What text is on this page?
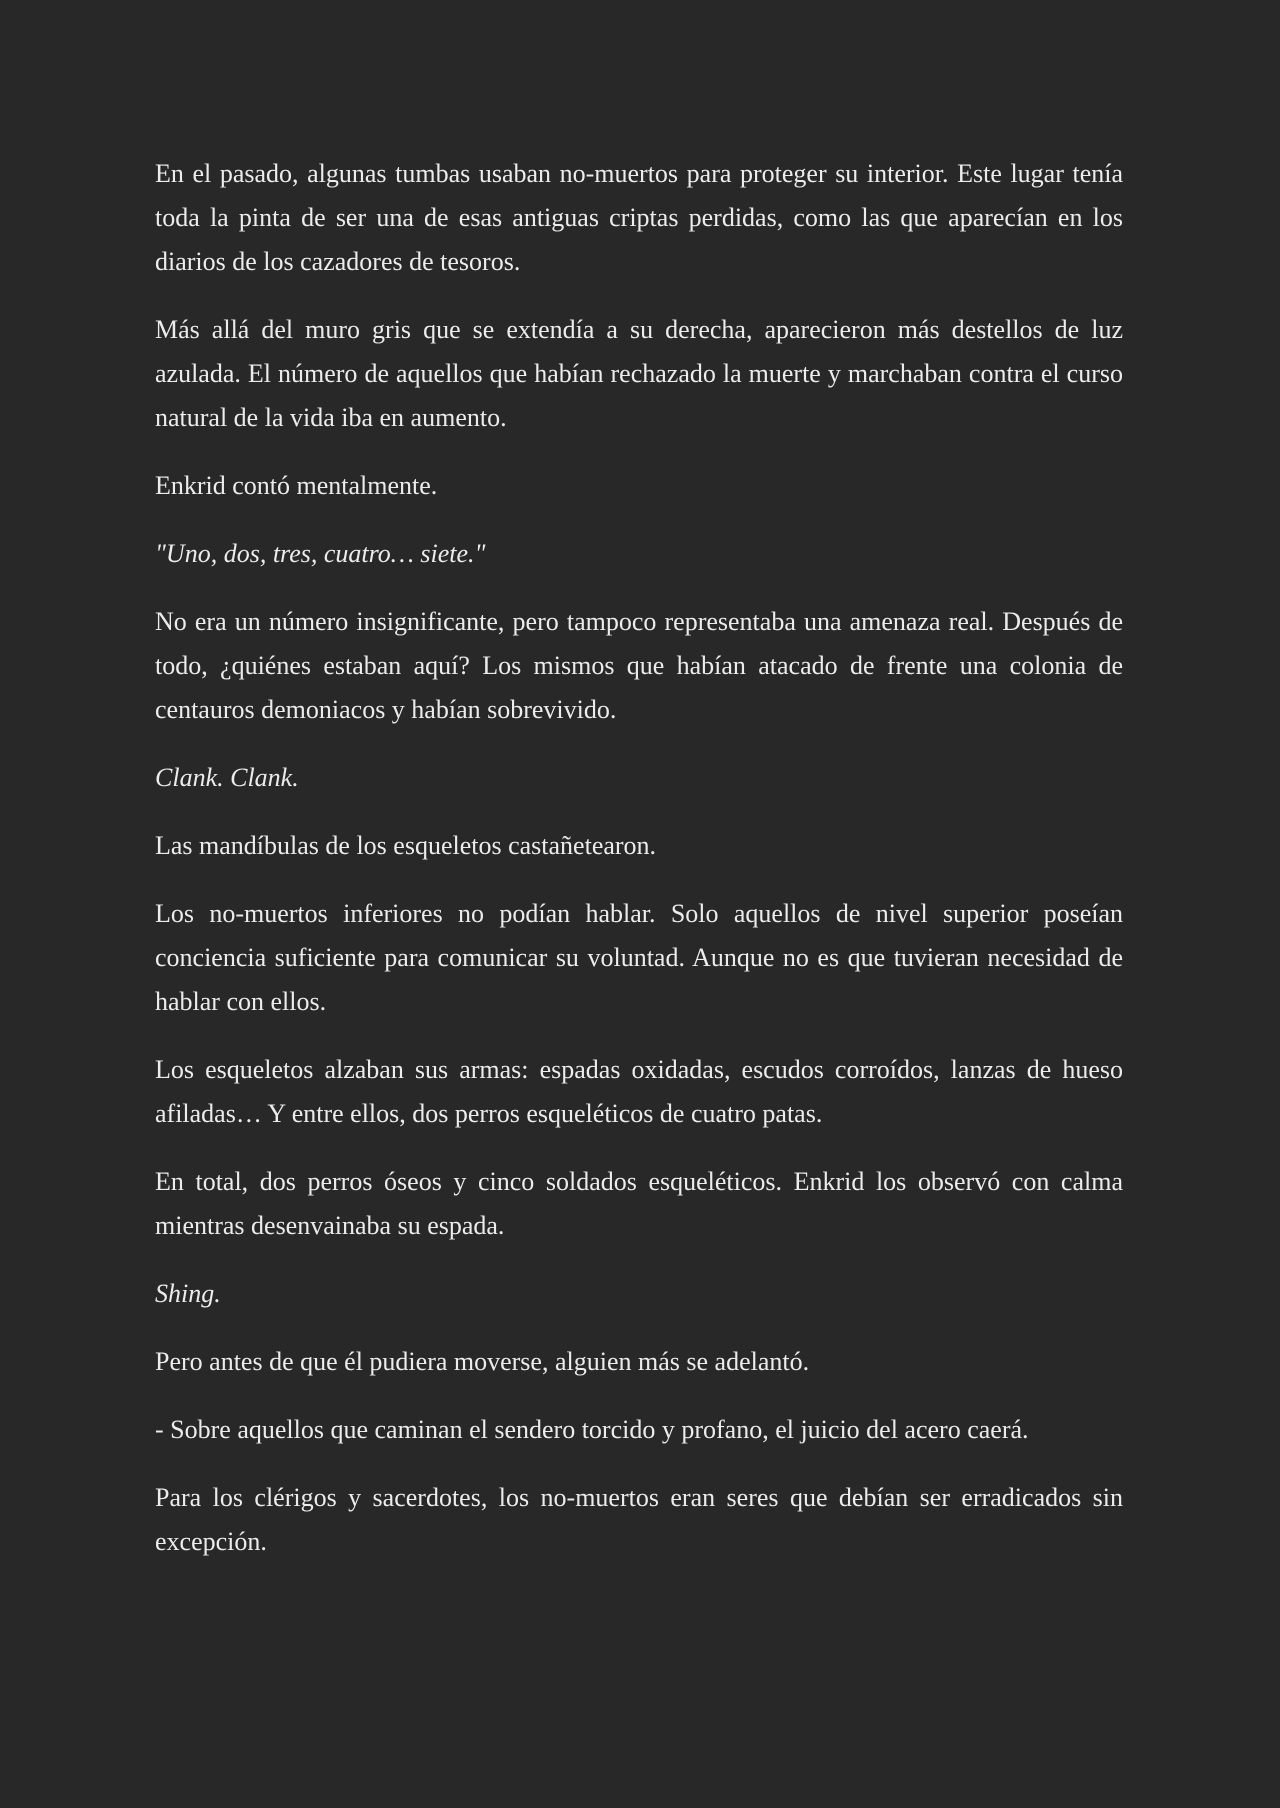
En el pasado, algunas tumbas usaban no-muertos para proteger su interior. Este lugar tenía toda la pinta de ser una de esas antiguas criptas perdidas, como las que aparecían en los diarios de los cazadores de tesoros.

Más allá del muro gris que se extendía a su derecha, aparecieron más destellos de luz azulada. El número de aquellos que habían rechazado la muerte y marchaban contra el curso natural de la vida iba en aumento.

Enkrid contó mentalmente.

"Uno, dos, tres, cuatro… siete."

No era un número insignificante, pero tampoco representaba una amenaza real. Después de todo, ¿quiénes estaban aquí? Los mismos que habían atacado de frente una colonia de centauros demoniacos y habían sobrevivido.

Clank. Clank.

Las mandíbulas de los esqueletos castañetearon.

Los no-muertos inferiores no podían hablar. Solo aquellos de nivel superior poseían conciencia suficiente para comunicar su voluntad. Aunque no es que tuvieran necesidad de hablar con ellos.

Los esqueletos alzaban sus armas: espadas oxidadas, escudos corroídos, lanzas de hueso afiladas… Y entre ellos, dos perros esqueléticos de cuatro patas.

En total, dos perros óseos y cinco soldados esqueléticos. Enkrid los observó con calma mientras desenvainaba su espada.

Shing.

Pero antes de que él pudiera moverse, alguien más se adelantó.

- Sobre aquellos que caminan el sendero torcido y profano, el juicio del acero caerá.

Para los clérigos y sacerdotes, los no-muertos eran seres que debían ser erradicados sin excepción.
